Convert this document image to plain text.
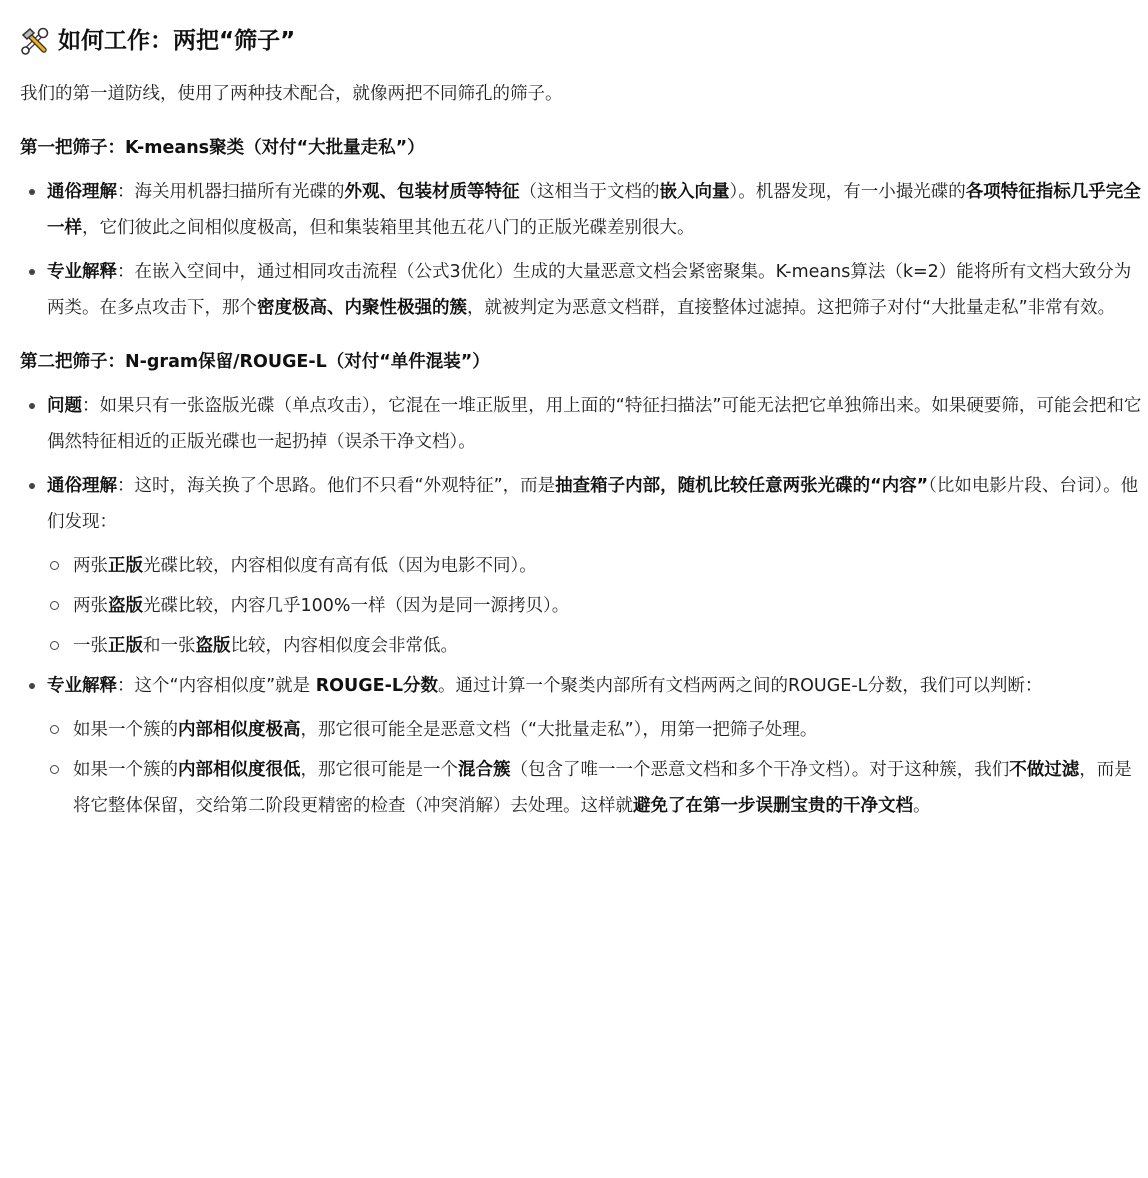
如何工作：两把“筛子”

我们的第一道防线，使用了两种技术配合，就像两把不同筛孔的筛子。

第一把筛子：K-means聚类（对付“大批量走私”）
通俗理解：海关用机器扫描所有光碟的外观、包装材质等特征（这相当于文档的嵌入向量）。机器发现，有一小撮光碟的各项特征指标几乎完全一样，它们彼此之间相似度极高，但和集装箱里其他五花八门的正版光碟差别很大。
专业解释：在嵌入空间中，通过相同攻击流程（公式3优化）生成的大量恶意文档会紧密聚集。K-means算法（k=2）能将所有文档大致分为两类。在多点攻击下，那个密度极高、内聚性极强的簇，就被判定为恶意文档群，直接整体过滤掉。这把筛子对付“大批量走私”非常有效。
第二把筛子：N-gram保留/ROUGE-L（对付“单件混装”）
问题：如果只有一张盗版光碟（单点攻击），它混在一堆正版里，用上面的“特征扫描法”可能无法把它单独筛出来。如果硬要筛，可能会把和它偶然特征相近的正版光碟也一起扔掉（误杀干净文档）。
通俗理解：这时，海关换了个思路。他们不只看“外观特征”，而是抽查箱子内部，随机比较任意两张光碟的“内容”（比如电影片段、台词）。他们发现：
两张正版光碟比较，内容相似度有高有低（因为电影不同）。
两张盗版光碟比较，内容几乎100%一样（因为是同一源拷贝）。
一张正版和一张盗版比较，内容相似度会非常低。
专业解释：这个“内容相似度”就是 ROUGE-L分数。通过计算一个聚类内部所有文档两两之间的ROUGE-L分数，我们可以判断：
如果一个簇的内部相似度极高，那它很可能全是恶意文档（“大批量走私”），用第一把筛子处理。
如果一个簇的内部相似度很低，那它很可能是一个混合簇（包含了唯一一个恶意文档和多个干净文档）。对于这种簇，我们不做过滤，而是将它整体保留，交给第二阶段更精密的检查（冲突消解）去处理。这样就避免了在第一步误删宝贵的干净文档。
